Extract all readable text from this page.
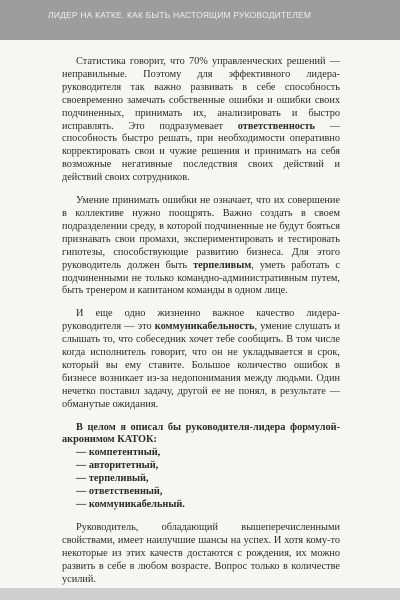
ЛИДЕР НА КАТКЕ. КАК БЫТЬ НАСТОЯЩИМ РУКОВОДИТЕЛЕМ

Статистика говорит, что 70% управленческих решений — неправильные. Поэтому для эффективного лидера-руководителя так важно развивать в себе способность своевременно замечать собственные ошибки и ошибки своих подчиненных, принимать их, анализировать и быстро исправлять. Это подразумевает ответственность — способность быстро решать, при необходимости оперативно корректировать свои и чужие решения и принимать на себя возможные негативные последствия своих действий и действий своих сотрудников.

Умение принимать ошибки не означает, что их совершение в коллективе нужно поощрять. Важно создать в своем подразделении среду, в которой подчиненные не будут бояться признавать свои промахи, экспериментировать и тестировать гипотезы, способствующие развитию бизнеса. Для этого руководитель должен быть терпеливым, уметь работать с подчиненными не только командно-административным путем, быть тренером и капитаном команды в одном лице.

И еще одно жизненно важное качество лидера-руководителя — это коммуникабельность, умение слушать и слышать то, что собеседник хочет тебе сообщить. В том числе когда исполнитель говорит, что он не укладывается в срок, который вы ему ставите. Большое количество ошибок в бизнесе возникает из-за недопонимания между людьми. Один нечетко поставил задачу, другой ее не понял, в результате — обманутые ожидания.

В целом я описал бы руководителя-лидера формулой-акронимом КАТОК:

— компетентный,
— авторитетный,
— терпеливый,
— ответственный,
— коммуникабельный.

Руководитель, обладающий вышеперечисленными свойствами, имеет наилучшие шансы на успех. И хотя кому-то некоторые из этих качеств достаются с рождения, их можно развить в себе в любом возрасте. Вопрос только в количестве усилий.
